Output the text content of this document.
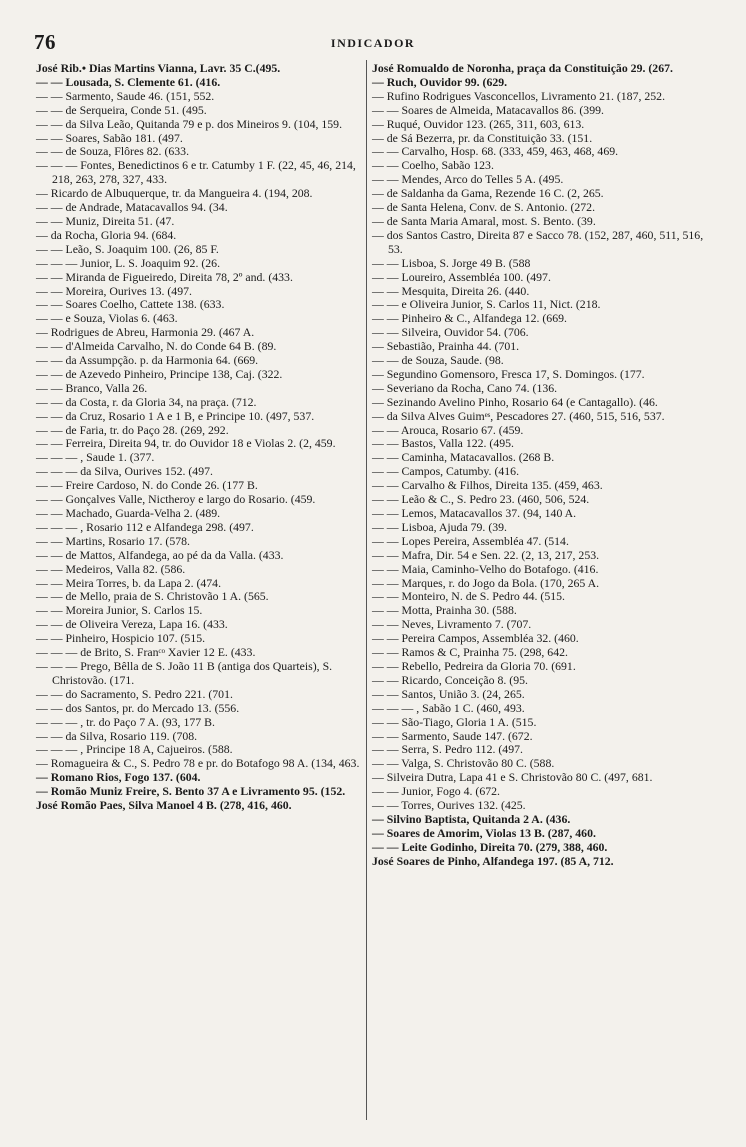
76	INDICADOR

José Rib.• Dias Martins Vianna, Lavr. 35 C.(495.

— — Lousada, S. Clemente 61. (416.

— — Sarmento, Saude 46. (151, 552.

— — de Serqueira, Conde 51. (495.

— — da Silva Leão, Quitanda 79 e p. dos Mineiros 9. (104, 159.

— — Soares, Sabão 181. (497.

— — de Souza, Flôres 82. (633.

— — — Fontes, Benedictinos 6 e tr. Catumby 1 F. (22, 45, 46, 214, 218, 263, 278, 327, 433.

— Ricardo de Albuquerque, tr. da Mangueira 4. (194, 208.

— — de Andrade, Matacavallos 94. (34.

— — Muniz, Direita 51. (47.

— da Rocha, Gloria 94. (684.

— — Leão, S. Joaquim 100. (26, 85 F.

— — — Junior, L. S. Joaquim 92. (26.

— — Miranda de Figueiredo, Direita 78, 2º and. (433.

— — Moreira, Ourives 13. (497.

— — Soares Coelho, Cattete 138. (633.

— — e Souza, Violas 6. (463.

— Rodrigues de Abreu, Harmonia 29. (467 A.

— — d'Almeida Carvalho, N. do Conde 64 B. (89.

— — da Assumpção. p. da Harmonia 64. (669.

— — de Azevedo Pinheiro, Principe 138, Caj. (322.

— — Branco, Valla 26.

— — da Costa, r. da Gloria 34, na praça. (712.

— — da Cruz, Rosario 1 A e 1 B, e Principe 10. (497, 537.

— — de Faria, tr. do Paço 28. (269, 292.

— — Ferreira, Direita 94, tr. do Ouvidor 18 e Violas 2. (2, 459.

— — — , Saude 1. (377.

— — — da Silva, Ourives 152. (497.

— — Freire Cardoso, N. do Conde 26. (177 B.

— — Gonçalves Valle, Nictheroy e largo do Rosario. (459.

— — Machado, Guarda-Velha 2. (489.

— — — , Rosario 112 e Alfandega 298. (497.

— — Martins, Rosario 17. (578.

— — de Mattos, Alfandega, ao pé da da Valla. (433.

— — Medeiros, Valla 82. (586.

— — Meira Torres, b. da Lapa 2. (474.

— — de Mello, praia de S. Christovão 1 A. (565.

— — Moreira Junior, S. Carlos 15.

— — de Oliveira Vereza, Lapa 16. (433.

— — Pinheiro, Hospicio 107. (515.

— — — de Brito, S. Franᶜᵒ Xavier 12 E. (433.

— — — Prego, Bêlla de S. João 11 B (antiga dos Quarteis), S. Christovão. (171.

— — do Sacramento, S. Pedro 221. (701.

— — dos Santos, pr. do Mercado 13. (556.

— — — , tr. do Paço 7 A. (93, 177 B.

— — da Silva, Rosario 119. (708.

— — — , Principe 18 A, Cajueiros. (588.

— Romagueira & C., S. Pedro 78 e pr. do Botafogo 98 A. (134, 463.

— Romano Rios, Fogo 137. (604.

— Romão Muniz Freire, S. Bento 37 A e Livramento 95. (152.

José Romão Paes, Silva Manoel 4 B. (278, 416, 460.

José Romualdo de Noronha, praça da Constituição 29. (267.

— Ruch, Ouvidor 99. (629.

— Rufino Rodrigues Vasconcellos, Livramento 21. (187, 252.

— — Soares de Almeida, Matacavallos 86. (399.

— Ruqué, Ouvidor 123. (265, 311, 603, 613.

— de Sá Bezerra, pr. da Constituição 33. (151.

— — Carvalho, Hosp. 68. (333, 459, 463, 468, 469.

— — Coelho, Sabão 123.

— — Mendes, Arco do Telles 5 A. (495.

— de Saldanha da Gama, Rezende 16 C. (2, 265.

— de Santa Helena, Conv. de S. Antonio. (272.

— de Santa Maria Amaral, most. S. Bento. (39.

— dos Santos Castro, Direita 87 e Sacco 78. (152, 287, 460, 511, 516, 53.

— — Lisboa, S. Jorge 49 B. (588

— — Loureiro, Assembléa 100. (497.

— — Mesquita, Direita 26. (440.

— — e Oliveira Junior, S. Carlos 11, Nict. (218.

— — Pinheiro & C., Alfandega 12. (669.

— — Silveira, Ouvidor 54. (706.

— Sebastião, Prainha 44. (701.

— — de Souza, Saude. (98.

— Segundino Gomensoro, Fresca 17, S. Domingos. (177.

— Severiano da Rocha, Cano 74. (136.

— Sezinando Avelino Pinho, Rosario 64 (e Cantagallo). (46.

— da Silva Alves Guimᵉˢ, Pescadores 27. (460, 515, 516, 537.

— — Arouca, Rosario 67. (459.

— — Bastos, Valla 122. (495.

— — Caminha, Matacavallos. (268 B.

— — Campos, Catumby. (416.

— — Carvalho & Filhos, Direita 135. (459, 463.

— — Leão & C., S. Pedro 23. (460, 506, 524.

— — Lemos, Matacavallos 37. (94, 140 A.

— — Lisboa, Ajuda 79. (39.

— — Lopes Pereira, Assembléa 47. (514.

— — Mafra, Dir. 54 e Sen. 22. (2, 13, 217, 253.

— — Maia, Caminho-Velho do Botafogo. (416.

— — Marques, r. do Jogo da Bola. (170, 265 A.

— — Monteiro, N. de S. Pedro 44. (515.

— — Motta, Prainha 30. (588.

— — Neves, Livramento 7. (707.

— — Pereira Campos, Assembléa 32. (460.

— — Ramos & C, Prainha 75. (298, 642.

— — Rebello, Pedreira da Gloria 70. (691.

— — Ricardo, Conceição 8. (95.

— — Santos, União 3. (24, 265.

— — — , Sabão 1 C. (460, 493.

— — São-Tiago, Gloria 1 A. (515.

— — Sarmento, Saude 147. (672.

— — Serra, S. Pedro 112. (497.

— — Valga, S. Christovão 80 C. (588.

— Silveira Dutra, Lapa 41 e S. Christovão 80 C. (497, 681.

— — Junior, Fogo 4. (672.

— — Torres, Ourives 132. (425.

— Silvino Baptista, Quitanda 2 A. (436.

— Soares de Amorim, Violas 13 B. (287, 460.

— — Leite Godinho, Direita 70. (279, 388, 460.

José Soares de Pinho, Alfandega 197. (85 A, 712.
